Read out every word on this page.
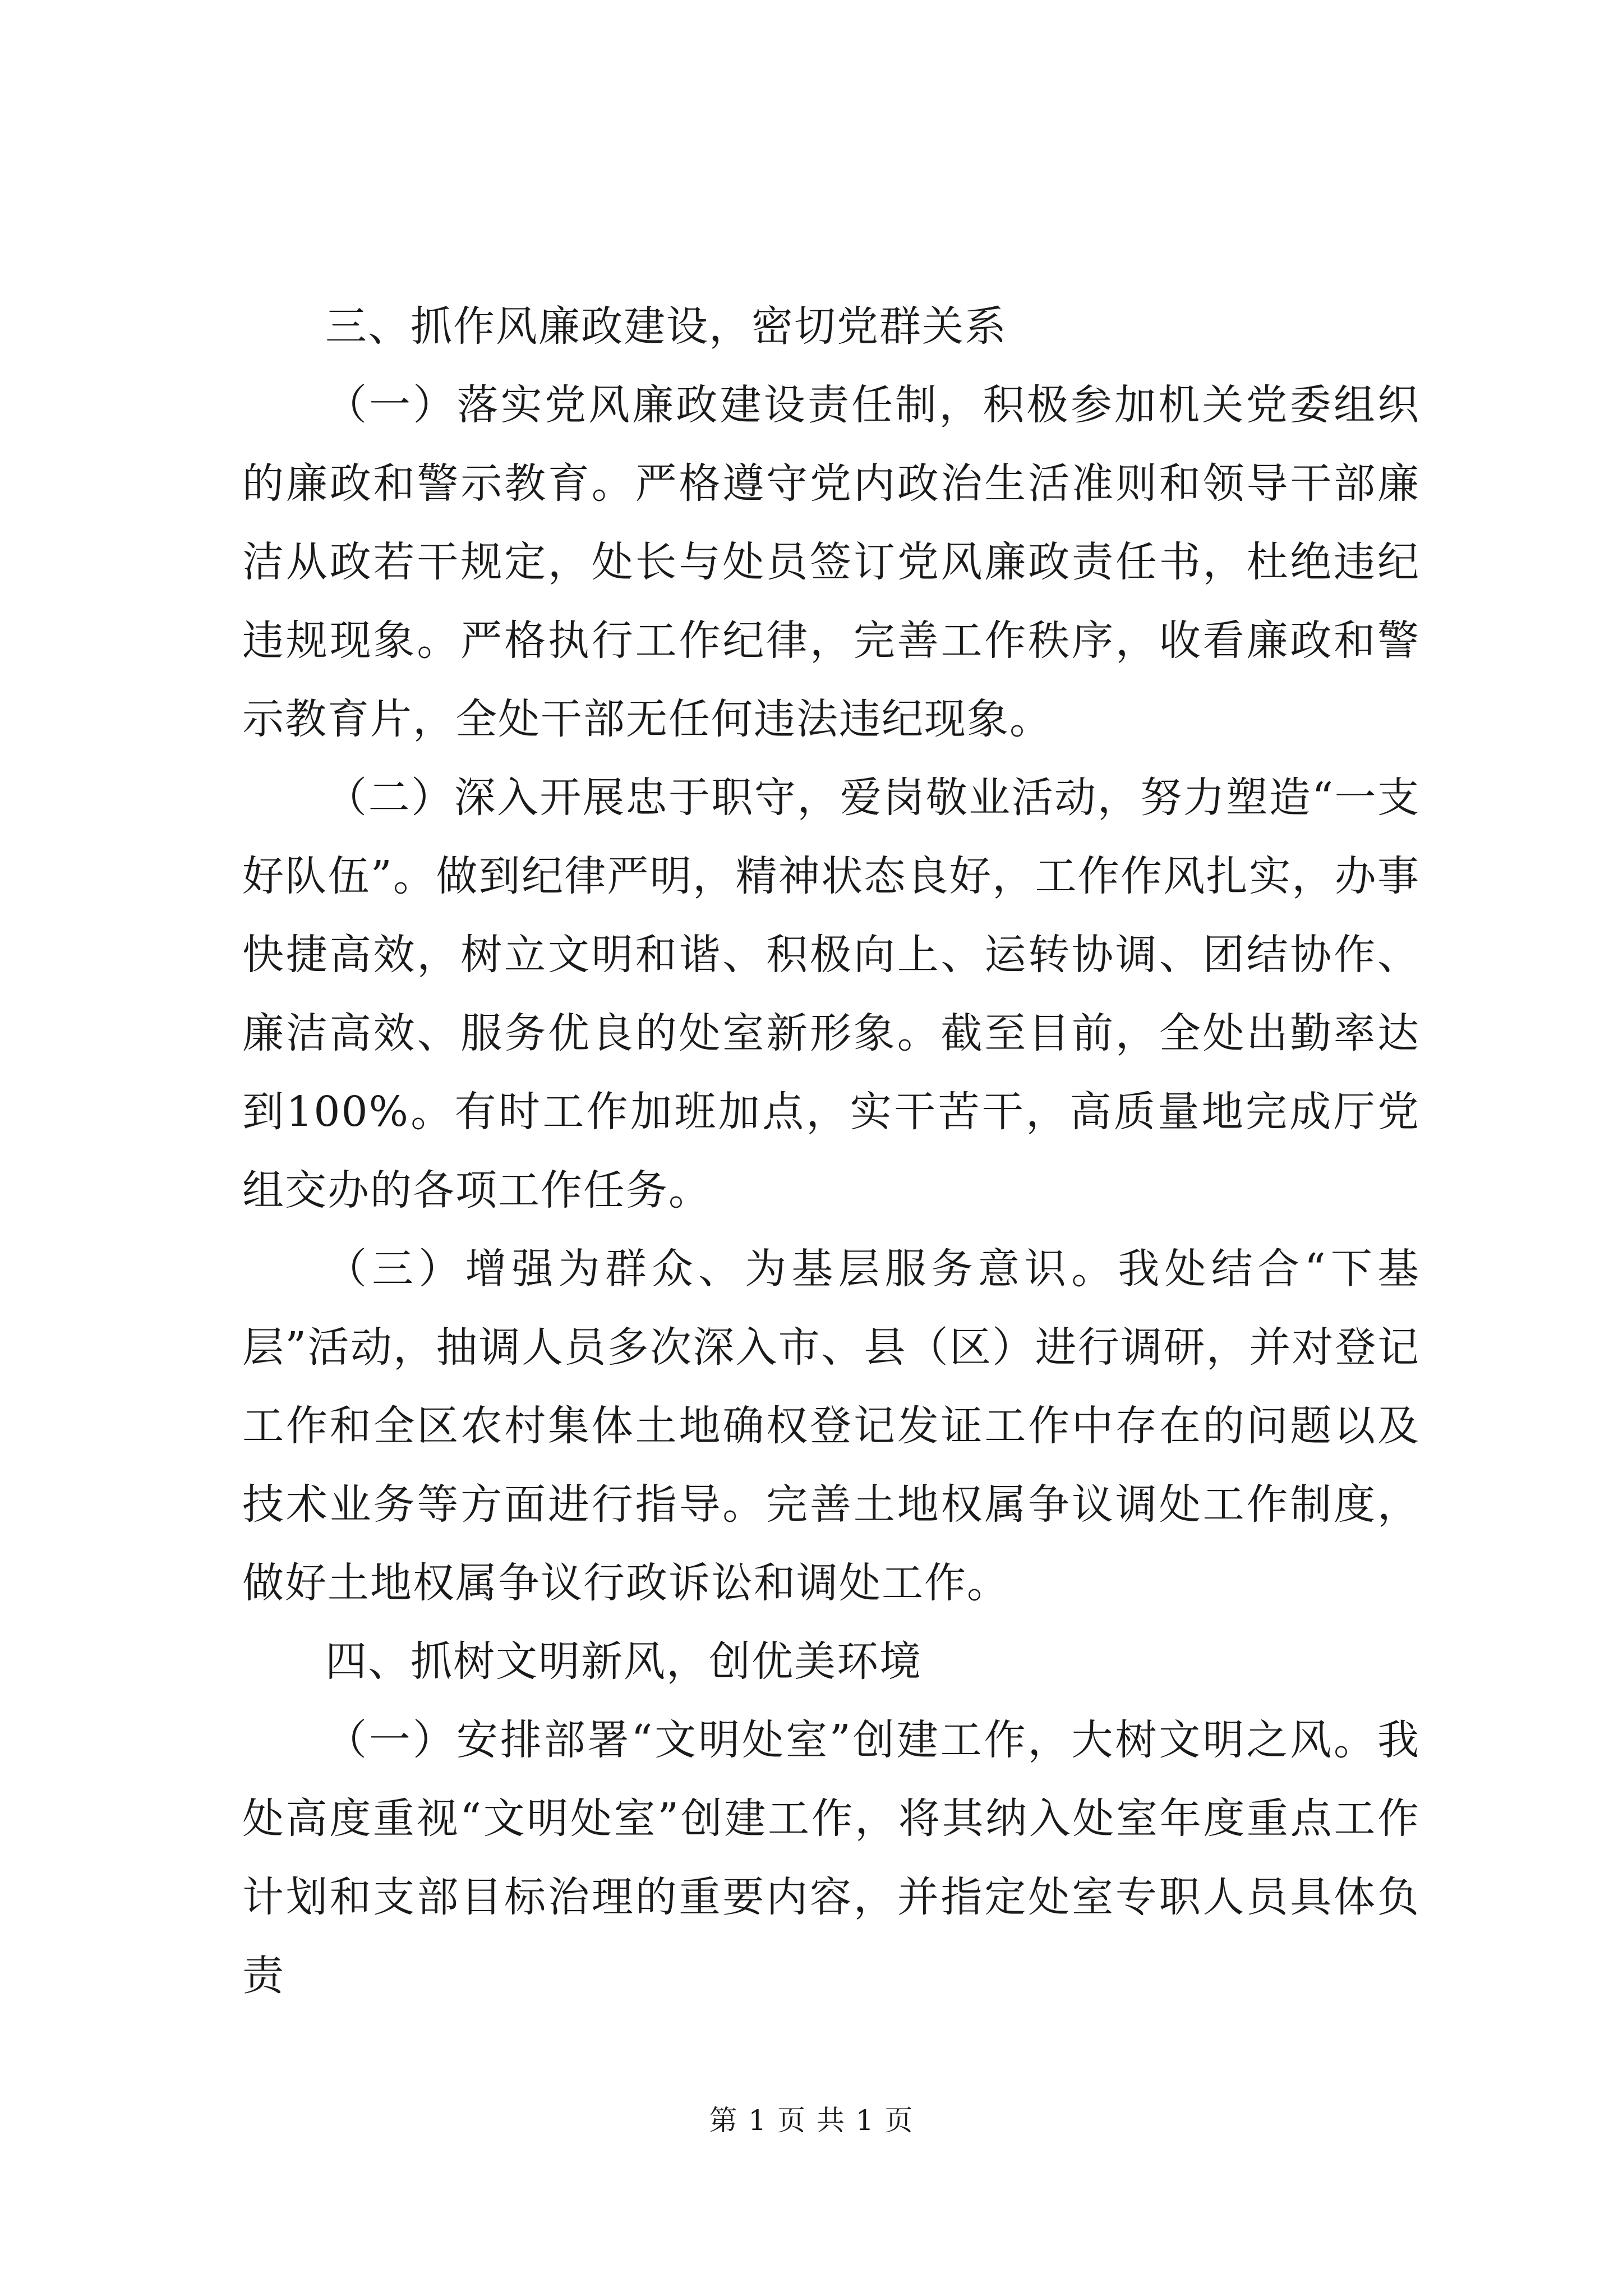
三、抓作风廉政建设，密切党群关系

（一）落实党风廉政建设责任制，积极参加机关党委组织的廉政和警示教育。严格遵守党内政治生活准则和领导干部廉洁从政若干规定，处长与处员签订党风廉政责任书，杜绝违纪违规现象。严格执行工作纪律，完善工作秩序，收看廉政和警示教育片，全处干部无任何违法违纪现象。

（二）深入开展忠于职守，爱岗敬业活动，努力塑造“一支好队伍”。做到纪律严明，精神状态良好，工作作风扎实，办事快捷高效，树立文明和谐、积极向上、运转协调、团结协作、廉洁高效、服务优良的处室新形象。截至目前，全处出勤率达到100%。有时工作加班加点，实干苦干，高质量地完成厅党组交办的各项工作任务。

（三）增强为群众、为基层服务意识。我处结合“下基层”活动，抽调人员多次深入市、县（区）进行调研，并对登记工作和全区农村集体土地确权登记发证工作中存在的问题以及技术业务等方面进行指导。完善土地权属争议调处工作制度，做好土地权属争议行政诉讼和调处工作。

四、抓树文明新风，创优美环境

（一）安排部署“文明处室”创建工作，大树文明之风。我处高度重视“文明处室”创建工作，将其纳入处室年度重点工作计划和支部目标治理的重要内容，并指定处室专职人员具体负责

第 1 页 共 1 页
